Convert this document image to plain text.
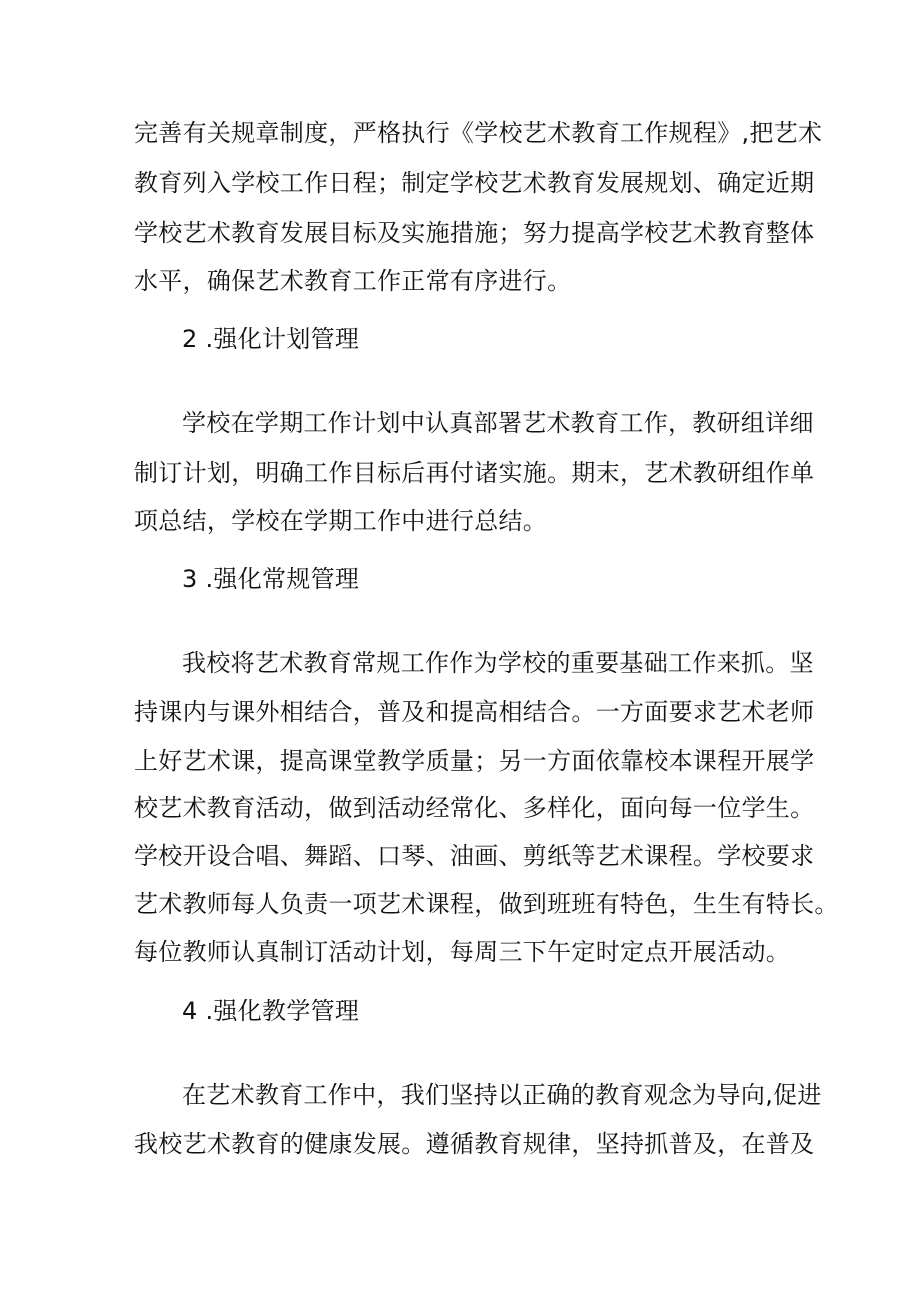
完善有关规章制度，严格执行《学校艺术教育工作规程》,把艺术
教育列入学校工作日程；制定学校艺术教育发展规划、确定近期
学校艺术教育发展目标及实施措施；努力提高学校艺术教育整体
水平，确保艺术教育工作正常有序进行。
2 .强化计划管理
学校在学期工作计划中认真部署艺术教育工作，教研组详细
制订计划，明确工作目标后再付诸实施。期末，艺术教研组作单
项总结，学校在学期工作中进行总结。
3 .强化常规管理
我校将艺术教育常规工作作为学校的重要基础工作来抓。坚
持课内与课外相结合，普及和提高相结合。一方面要求艺术老师
上好艺术课，提高课堂教学质量；另一方面依靠校本课程开展学
校艺术教育活动，做到活动经常化、多样化，面向每一位学生。
学校开设合唱、舞蹈、口琴、油画、剪纸等艺术课程。学校要求
艺术教师每人负责一项艺术课程，做到班班有特色，生生有特长。
每位教师认真制订活动计划，每周三下午定时定点开展活动。
4 .强化教学管理
在艺术教育工作中，我们坚持以正确的教育观念为导向,促进
我校艺术教育的健康发展。遵循教育规律，坚持抓普及，在普及
